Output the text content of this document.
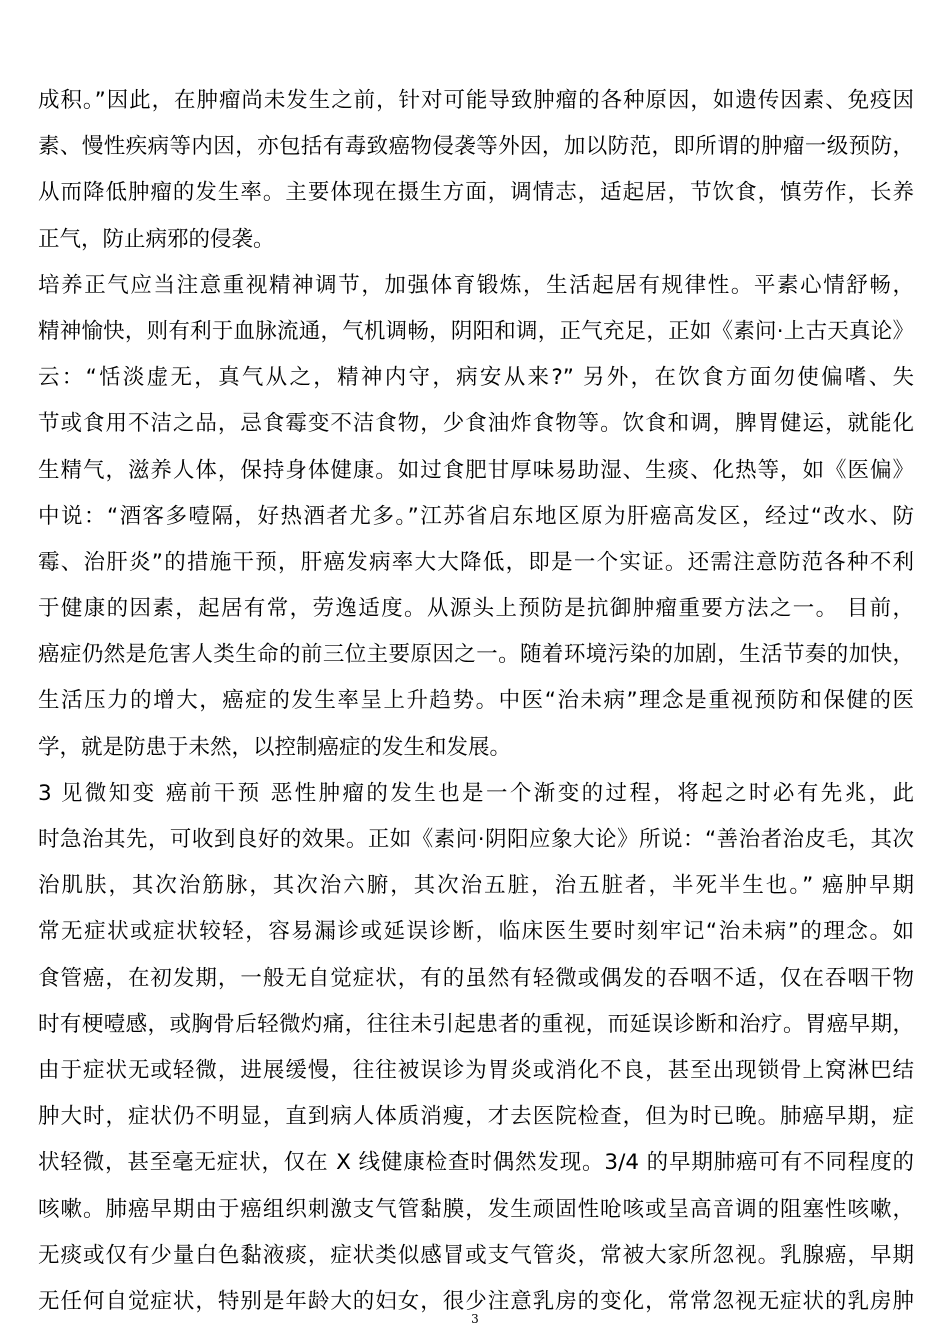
成积。”因此，在肿瘤尚未发生之前，针对可能导致肿瘤的各种原因，如遗传因素、免疫因
素、慢性疾病等内因，亦包括有毒致癌物侵袭等外因，加以防范，即所谓的肿瘤一级预防，
从而降低肿瘤的发生率。主要体现在摄生方面，调情志，适起居，节饮食，慎劳作，长养
正气，防止病邪的侵袭。
培养正气应当注意重视精神调节，加强体育锻炼，生活起居有规律性。平素心情舒畅，
精神愉快，则有利于血脉流通，气机调畅，阴阳和调，正气充足，正如《素问·上古天真论》
云：“恬淡虚无，真气从之，精神内守，病安从来?” 另外，在饮食方面勿使偏嗜、失
节或食用不洁之品，忌食霉变不洁食物，少食油炸食物等。饮食和调，脾胃健运，就能化
生精气，滋养人体，保持身体健康。如过食肥甘厚味易助湿、生痰、化热等，如《医偏》
中说：“酒客多噎隔，好热酒者尤多。”江苏省启东地区原为肝癌高发区，经过“改水、防
霉、治肝炎”的措施干预，肝癌发病率大大降低，即是一个实证。还需注意防范各种不利
于健康的因素，起居有常，劳逸适度。从源头上预防是抗御肿瘤重要方法之一。 目前，
癌症仍然是危害人类生命的前三位主要原因之一。随着环境污染的加剧，生活节奏的加快，
生活压力的增大，癌症的发生率呈上升趋势。中医“治未病”理念是重视预防和保健的医
学，就是防患于未然，以控制癌症的发生和发展。
3 见微知变 癌前干预 恶性肿瘤的发生也是一个渐变的过程，将起之时必有先兆，此
时急治其先，可收到良好的效果。正如《素问·阴阳应象大论》所说：“善治者治皮毛，其次
治肌肤，其次治筋脉，其次治六腑，其次治五脏，治五脏者，半死半生也。” 癌肿早期
常无症状或症状较轻，容易漏诊或延误诊断，临床医生要时刻牢记“治未病”的理念。如
食管癌，在初发期，一般无自觉症状，有的虽然有轻微或偶发的吞咽不适，仅在吞咽干物
时有梗噎感，或胸骨后轻微灼痛，往往未引起患者的重视，而延误诊断和治疗。胃癌早期，
由于症状无或轻微，进展缓慢，往往被误诊为胃炎或消化不良，甚至出现锁骨上窝淋巴结
肿大时，症状仍不明显，直到病人体质消瘦，才去医院检查，但为时已晚。肺癌早期，症
状轻微，甚至毫无症状，仅在 X 线健康检查时偶然发现。3/4 的早期肺癌可有不同程度的
咳嗽。肺癌早期由于癌组织刺激支气管黏膜，发生顽固性呛咳或呈高音调的阻塞性咳嗽，
无痰或仅有少量白色黏液痰，症状类似感冒或支气管炎，常被大家所忽视。乳腺癌，早期
无任何自觉症状，特别是年龄大的妇女，很少注意乳房的变化，常常忽视无症状的乳房肿
3
